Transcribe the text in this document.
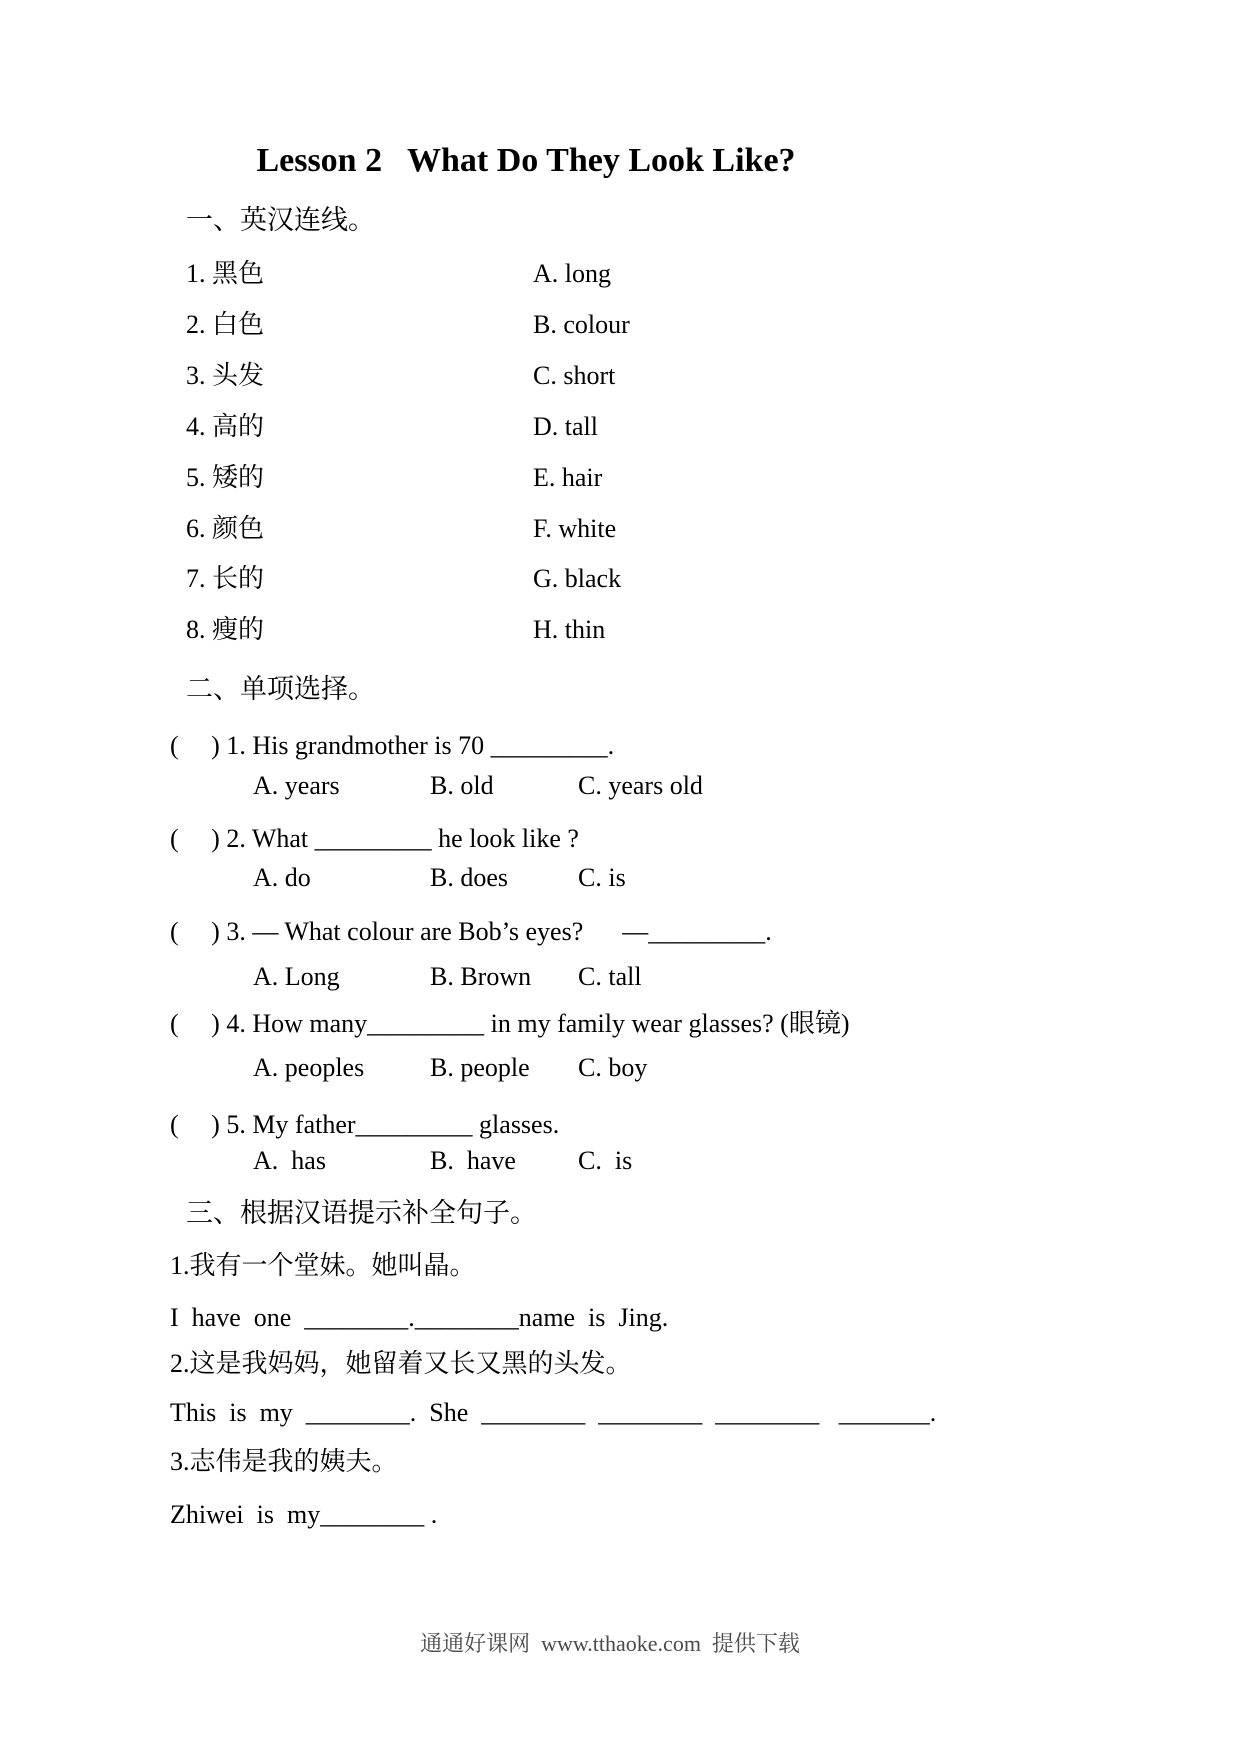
Lesson 2   What Do They Look Like?
一、英汉连线。
1. 黑色	A. long
2. 白色	B. colour
3. 头发	C. short
4. 高的	D. tall
5. 矮的	E. hair
6. 颜色	F. white
7. 长的	G. black
8. 瘦的	H. thin
二、单项选择。
(     ) 1. His grandmother is 70 _________.
A. years	B. old	C. years old
(     ) 2. What _________ he look like ?
A. do	B. does	C. is
(     ) 3. — What colour are Bob’s eyes?      —_________.
A. Long	B. Brown C. tall
(     ) 4. How many_________ in my family wear glasses? (眼镜)
A. peoples	B. people C. boy
(     ) 5. My father_________ glasses.
A.  has	B.  have C.  is
三、根据汉语提示补全句子。
1.我有一个堂妹。她叫晶。
I  have  one  ________.________name  is  Jing.
2.这是我妈妈，她留着又长又黑的头发。
This  is  my  ________.  She  ________  ________  ________   _______.
3.志伟是我的姨夫。
Zhiwei  is  my________ .
通通好课网  www.tthaoke.com  提供下载
